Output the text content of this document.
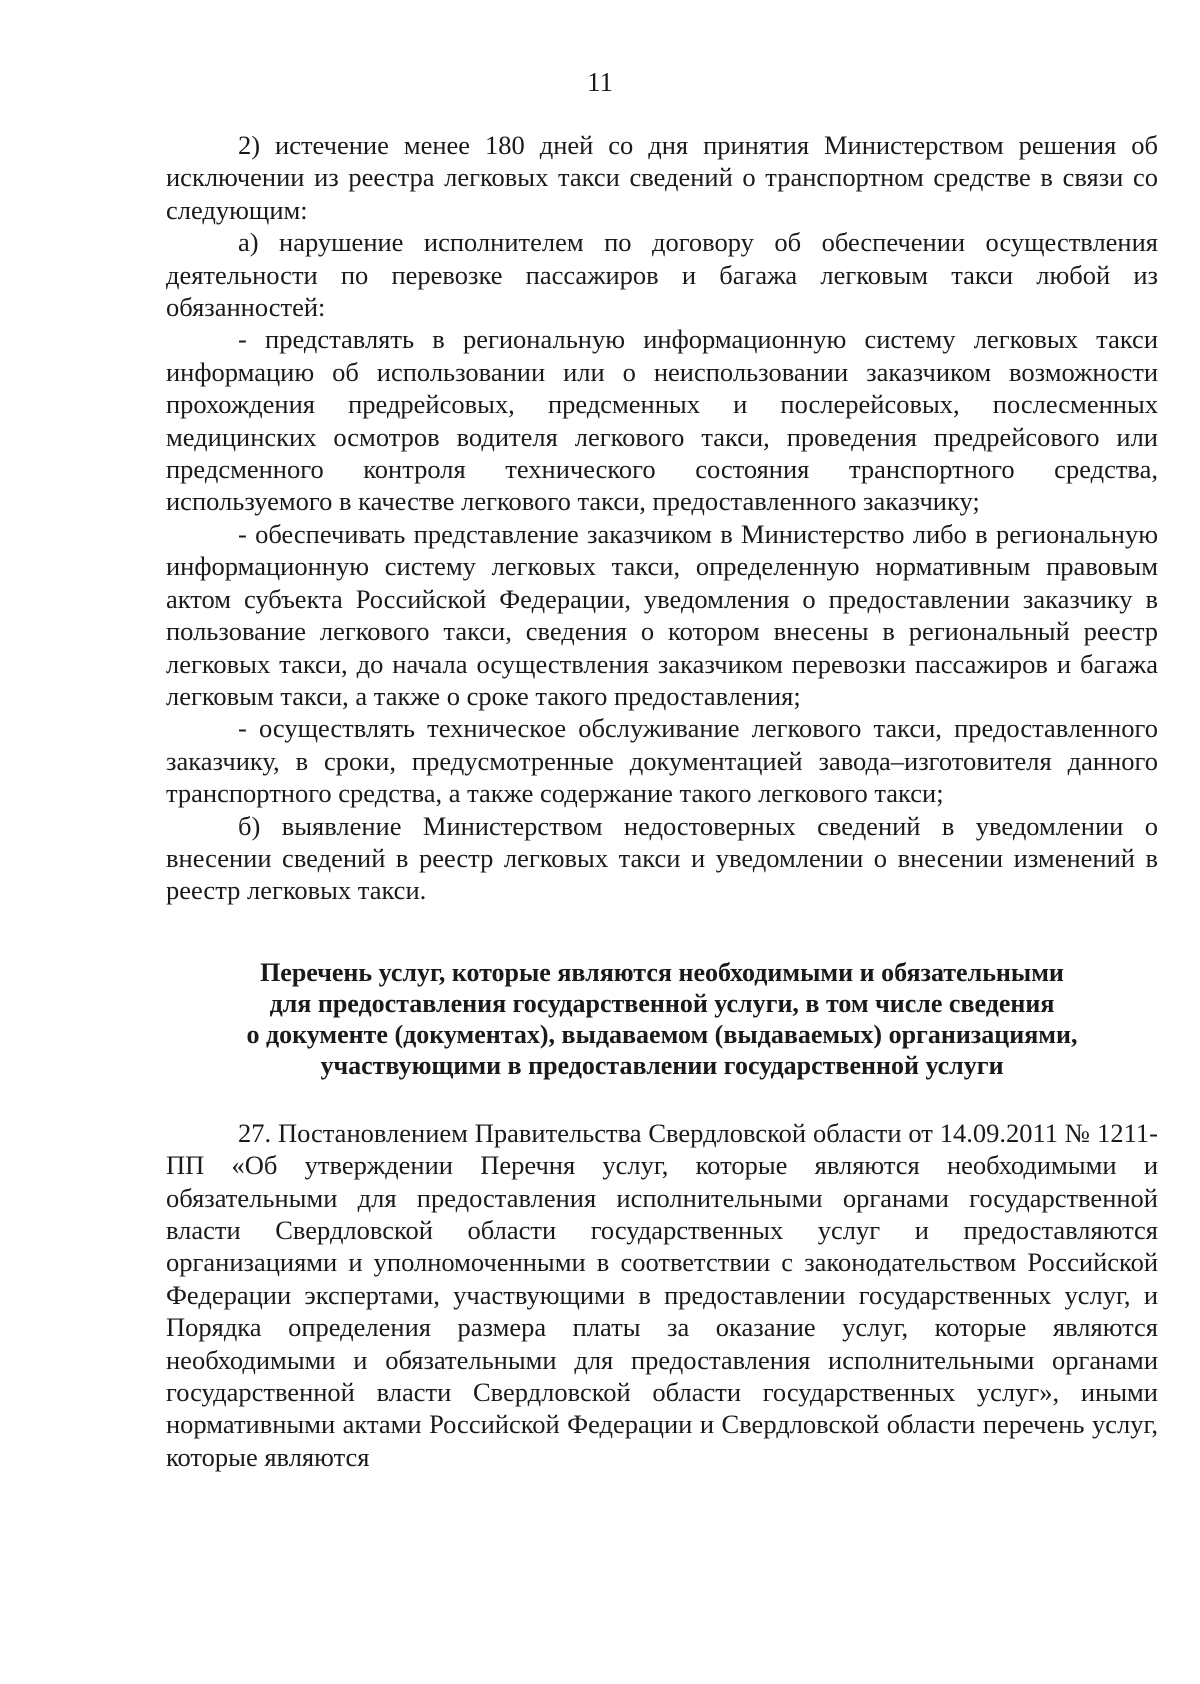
11

2) истечение менее 180 дней со дня принятия Министерством решения об исключении из реестра легковых такси сведений о транспортном средстве в связи со следующим:

а) нарушение исполнителем по договору об обеспечении осуществления деятельности по перевозке пассажиров и багажа легковым такси любой из обязанностей:

- представлять в региональную информационную систему легковых такси информацию об использовании или о неиспользовании заказчиком возможности прохождения предрейсовых, предсменных и послерейсовых, послесменных медицинских осмотров водителя легкового такси, проведения предрейсового или предсменного контроля технического состояния транспортного средства, используемого в качестве легкового такси, предоставленного заказчику;

- обеспечивать представление заказчиком в Министерство либо в региональную информационную систему легковых такси, определенную нормативным правовым актом субъекта Российской Федерации, уведомления о предоставлении заказчику в пользование легкового такси, сведения о котором внесены в региональный реестр легковых такси, до начала осуществления заказчиком перевозки пассажиров и багажа легковым такси, а также о сроке такого предоставления;

- осуществлять техническое обслуживание легкового такси, предоставленного заказчику, в сроки, предусмотренные документацией завода–изготовителя данного транспортного средства, а также содержание такого легкового такси;

б) выявление Министерством недостоверных сведений в уведомлении о внесении сведений в реестр легковых такси и уведомлении о внесении изменений в реестр легковых такси.

Перечень услуг, которые являются необходимыми и обязательными
для предоставления государственной услуги, в том числе сведения
о документе (документах), выдаваемом (выдаваемых) организациями,
участвующими в предоставлении государственной услуги

27. Постановлением Правительства Свердловской области от 14.09.2011 № 1211-ПП «Об утверждении Перечня услуг, которые являются необходимыми и обязательными для предоставления исполнительными органами государственной власти Свердловской области государственных услуг и предоставляются организациями и уполномоченными в соответствии с законодательством Российской Федерации экспертами, участвующими в предоставлении государственных услуг, и Порядка определения размера платы за оказание услуг, которые являются необходимыми и обязательными для предоставления исполнительными органами государственной власти Свердловской области государственных услуг», иными нормативными актами Российской Федерации и Свердловской области перечень услуг, которые являются
